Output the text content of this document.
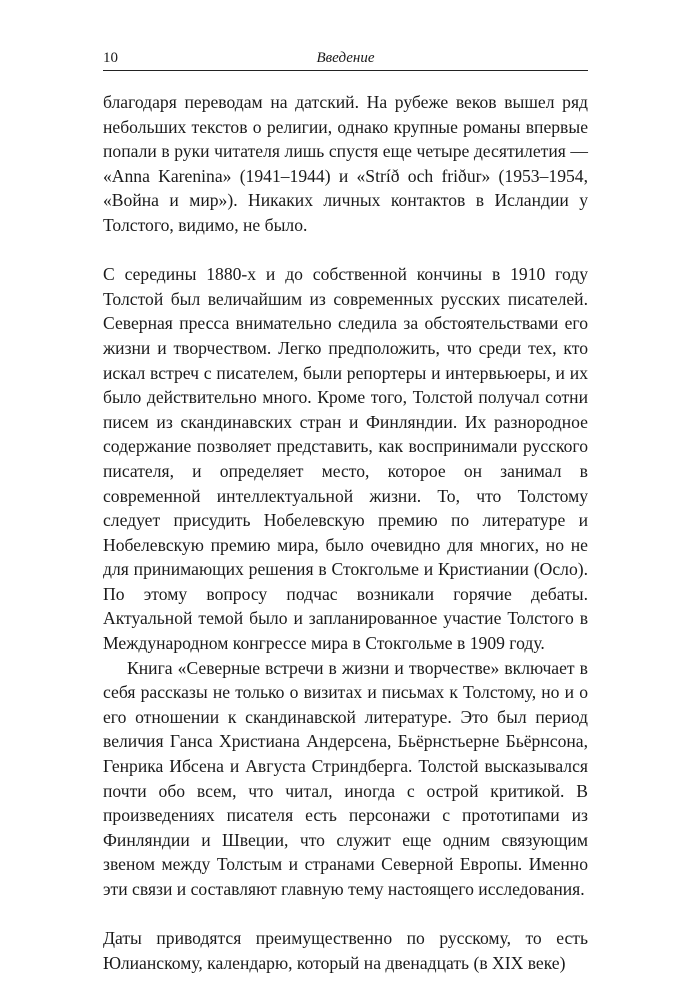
10	Введение

благодаря переводам на датский. На рубеже веков вышел ряд небольших текстов о религии, однако крупные романы впервые попали в руки читателя лишь спустя еще четыре десятилетия — «Anna Karenina» (1941–1944) и «Stríð och friður» (1953–1954, «Война и мир»). Никаких личных контактов в Исландии у Толстого, видимо, не было.

С середины 1880-х и до собственной кончины в 1910 году Толстой был величайшим из современных русских писателей. Северная пресса внимательно следила за обстоятельствами его жизни и творчеством. Легко предположить, что среди тех, кто искал встреч с писателем, были репортеры и интервьюеры, и их было действительно много. Кроме того, Толстой получал сотни писем из скандинавских стран и Финляндии. Их разнородное содержание позволяет представить, как воспринимали русского писателя, и определяет место, которое он занимал в современной интеллектуальной жизни. То, что Толстому следует присудить Нобелевскую премию по литературе и Нобелевскую премию мира, было очевидно для многих, но не для принимающих решения в Стокгольме и Кристиании (Осло). По этому вопросу подчас возникали горячие дебаты. Актуальной темой было и запланированное участие Толстого в Международном конгрессе мира в Стокгольме в 1909 году.

Книга «Северные встречи в жизни и творчестве» включает в себя рассказы не только о визитах и письмах к Толстому, но и о его отношении к скандинавской литературе. Это был период величия Ганса Христиана Андерсена, Бьёрнстьерне Бьёрнсона, Генрика Ибсена и Августа Стриндберга. Толстой высказывался почти обо всем, что читал, иногда с острой критикой. В произведениях писателя есть персонажи с прототипами из Финляндии и Швеции, что служит еще одним связующим звеном между Толстым и странами Северной Европы. Именно эти связи и составляют главную тему настоящего исследования.

Даты приводятся преимущественно по русскому, то есть Юлианскому, календарю, который на двенадцать (в XIX веке)
